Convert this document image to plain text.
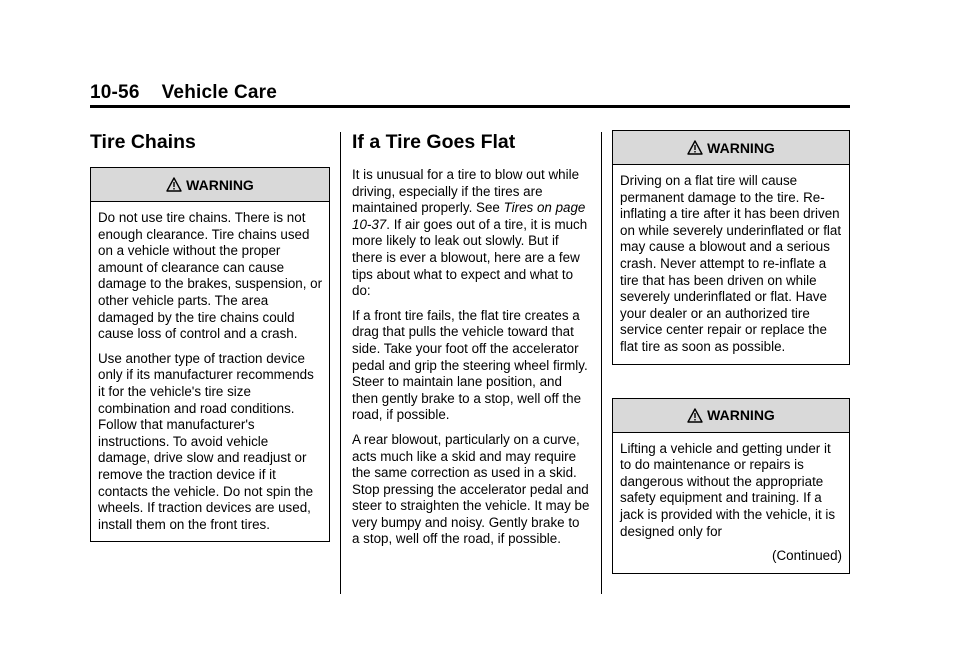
10-56 Vehicle Care
Tire Chains
WARNING

Do not use tire chains. There is not enough clearance. Tire chains used on a vehicle without the proper amount of clearance can cause damage to the brakes, suspension, or other vehicle parts. The area damaged by the tire chains could cause loss of control and a crash.

Use another type of traction device only if its manufacturer recommends it for the vehicle's tire size combination and road conditions. Follow that manufacturer's instructions. To avoid vehicle damage, drive slow and readjust or remove the traction device if it contacts the vehicle. Do not spin the wheels. If traction devices are used, install them on the front tires.

If a Tire Goes Flat

It is unusual for a tire to blow out while driving, especially if the tires are maintained properly. See Tires on page 10-37. If air goes out of a tire, it is much more likely to leak out slowly. But if there is ever a blowout, here are a few tips about what to expect and what to do:

If a front tire fails, the flat tire creates a drag that pulls the vehicle toward that side. Take your foot off the accelerator pedal and grip the steering wheel firmly. Steer to maintain lane position, and then gently brake to a stop, well off the road, if possible.

A rear blowout, particularly on a curve, acts much like a skid and may require the same correction as used in a skid. Stop pressing the accelerator pedal and steer to straighten the vehicle. It may be very bumpy and noisy. Gently brake to a stop, well off the road, if possible.

WARNING

Driving on a flat tire will cause permanent damage to the tire. Re-inflating a tire after it has been driven on while severely underinflated or flat may cause a blowout and a serious crash. Never attempt to re-inflate a tire that has been driven on while severely underinflated or flat. Have your dealer or an authorized tire service center repair or replace the flat tire as soon as possible.

WARNING

Lifting a vehicle and getting under it to do maintenance or repairs is dangerous without the appropriate safety equipment and training. If a jack is provided with the vehicle, it is designed only for

(Continued)
